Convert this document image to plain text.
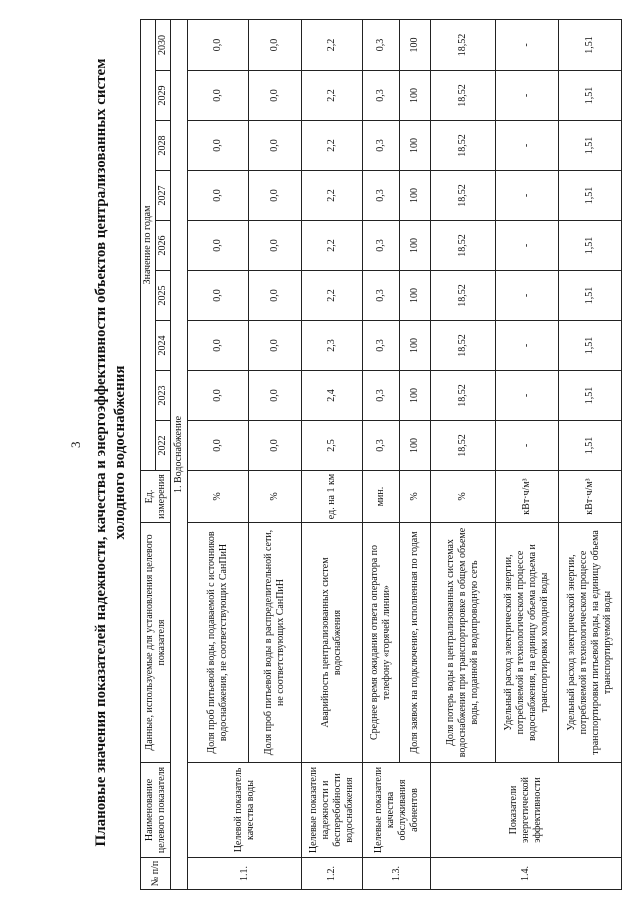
3 Плановые значения показателей надежности, качества и энергоэффективности объектов централизованных систем холодного водоснабжения
№ п/п	Наименование целевого показателя	Данные, используемые для установления целевого показателя	Ед. измерения	Значение по годам								
				2022	2023	2024	2025	2026	2027	2028	2029	2030
1. Водоснабжение												
1.1.	Целевой показатель качества воды	Доля проб питьевой воды, подаваемой с источников водоснабжения, не соответствующих СанПиН	%	0,0	0,0	0,0	0,0	0,0	0,0	0,0	0,0	0,0
		Доля проб питьевой воды в распределительной сети, не соответствующих СанПиН	%	0,0	0,0	0,0	0,0	0,0	0,0	0,0	0,0	0,0
1.2.	Целевые показатели надежности и бесперебойности водоснабжения	Аварийность централизованных систем водоснабжения	ед. на 1 км	2,5	2,4	2,3	2,2	2,2	2,2	2,2	2,2	2,2
1.3.	Целевые показатели качества обслуживания абонентов	Среднее время ожидания ответа оператора по телефону «горячей линии»	мин.	0,3	0,3	0,3	0,3	0,3	0,3	0,3	0,3	0,3
		Доля заявок на подключение, исполненная по годам	%	100	100	100	100	100	100	100	100	100
1.4.	Показатели энергетической эффективности	Доля потерь воды в централизованных системах водоснабжения при транспортировке в общем объеме воды, поданной в водопроводную сеть	%	18,52	18,52	18,52	18,52	18,52	18,52	18,52	18,52	18,52
		Удельный расход электрической энергии, потребляемой в технологическом процессе водоснабжения, на единицу объема подъема и транспортировки холодной воды	кВт·ч/м³	-	-	-	-	-	-	-	-	-
		Удельный расход электрической энергии, потребляемой в технологическом процессе транспортировки питьевой воды, на единицу объема транспортируемой воды	кВт·ч/м³	1,51	1,51	1,51	1,51	1,51	1,51	1,51	1,51	1,51
